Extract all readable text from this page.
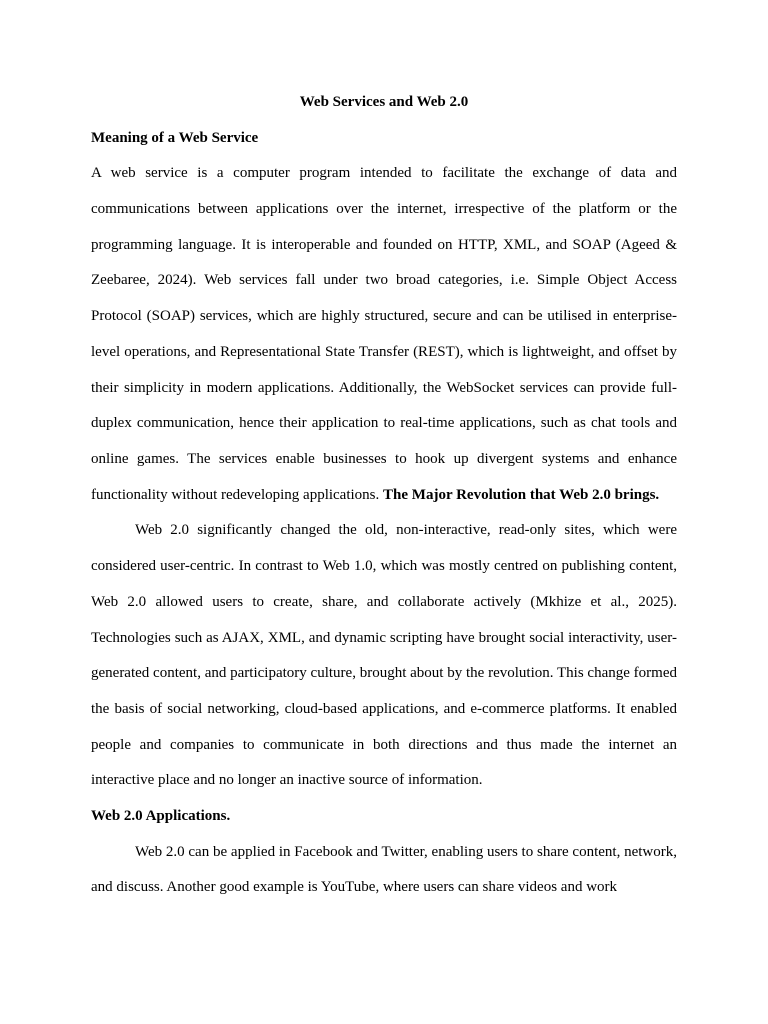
Web Services and Web 2.0

Meaning of a Web Service

A web service is a computer program intended to facilitate the exchange of data and communications between applications over the internet, irrespective of the platform or the programming language. It is interoperable and founded on HTTP, XML, and SOAP (Ageed & Zeebaree, 2024). Web services fall under two broad categories, i.e. Simple Object Access Protocol (SOAP) services, which are highly structured, secure and can be utilised in enterprise-level operations, and Representational State Transfer (REST), which is lightweight, and offset by their simplicity in modern applications. Additionally, the WebSocket services can provide full-duplex communication, hence their application to real-time applications, such as chat tools and online games. The services enable businesses to hook up divergent systems and enhance functionality without redeveloping applications. The Major Revolution that Web 2.0 brings.

Web 2.0 significantly changed the old, non-interactive, read-only sites, which were considered user-centric. In contrast to Web 1.0, which was mostly centred on publishing content, Web 2.0 allowed users to create, share, and collaborate actively (Mkhize et al., 2025). Technologies such as AJAX, XML, and dynamic scripting have brought social interactivity, user-generated content, and participatory culture, brought about by the revolution. This change formed the basis of social networking, cloud-based applications, and e-commerce platforms. It enabled people and companies to communicate in both directions and thus made the internet an interactive place and no longer an inactive source of information.

Web 2.0 Applications.

Web 2.0 can be applied in Facebook and Twitter, enabling users to share content, network, and discuss. Another good example is YouTube, where users can share videos and work
